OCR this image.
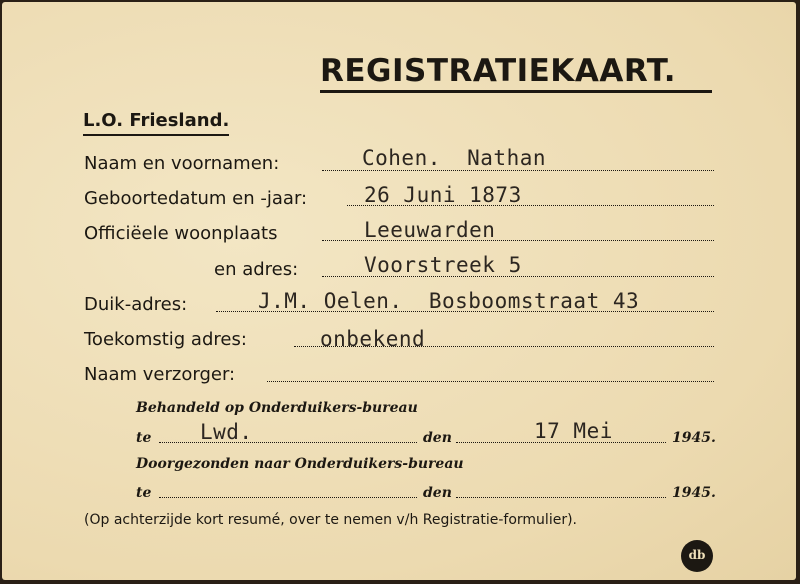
REGISTRATIEKAART.
L.O. Friesland.
Naam en voornamen:	Cohen.  Nathan
Geboortedatum en -jaar:	26 Juni 1873
Officiëele woonplaats	Leeuwarden
en adres:	Voorstreek 5
Duik-adres:	J.M. Oelen.  Bosboomstraat 43
Toekomstig adres:	onbekend
Naam verzorger:
Behandeld op Onderduikers-bureau
te Lwd.	den	17 Mei	1945.
Doorgezonden naar Onderduikers-bureau
te	den	1945.
(Op achterzijde kort resumé, over te nemen v/h Registratie-formulier).
db
